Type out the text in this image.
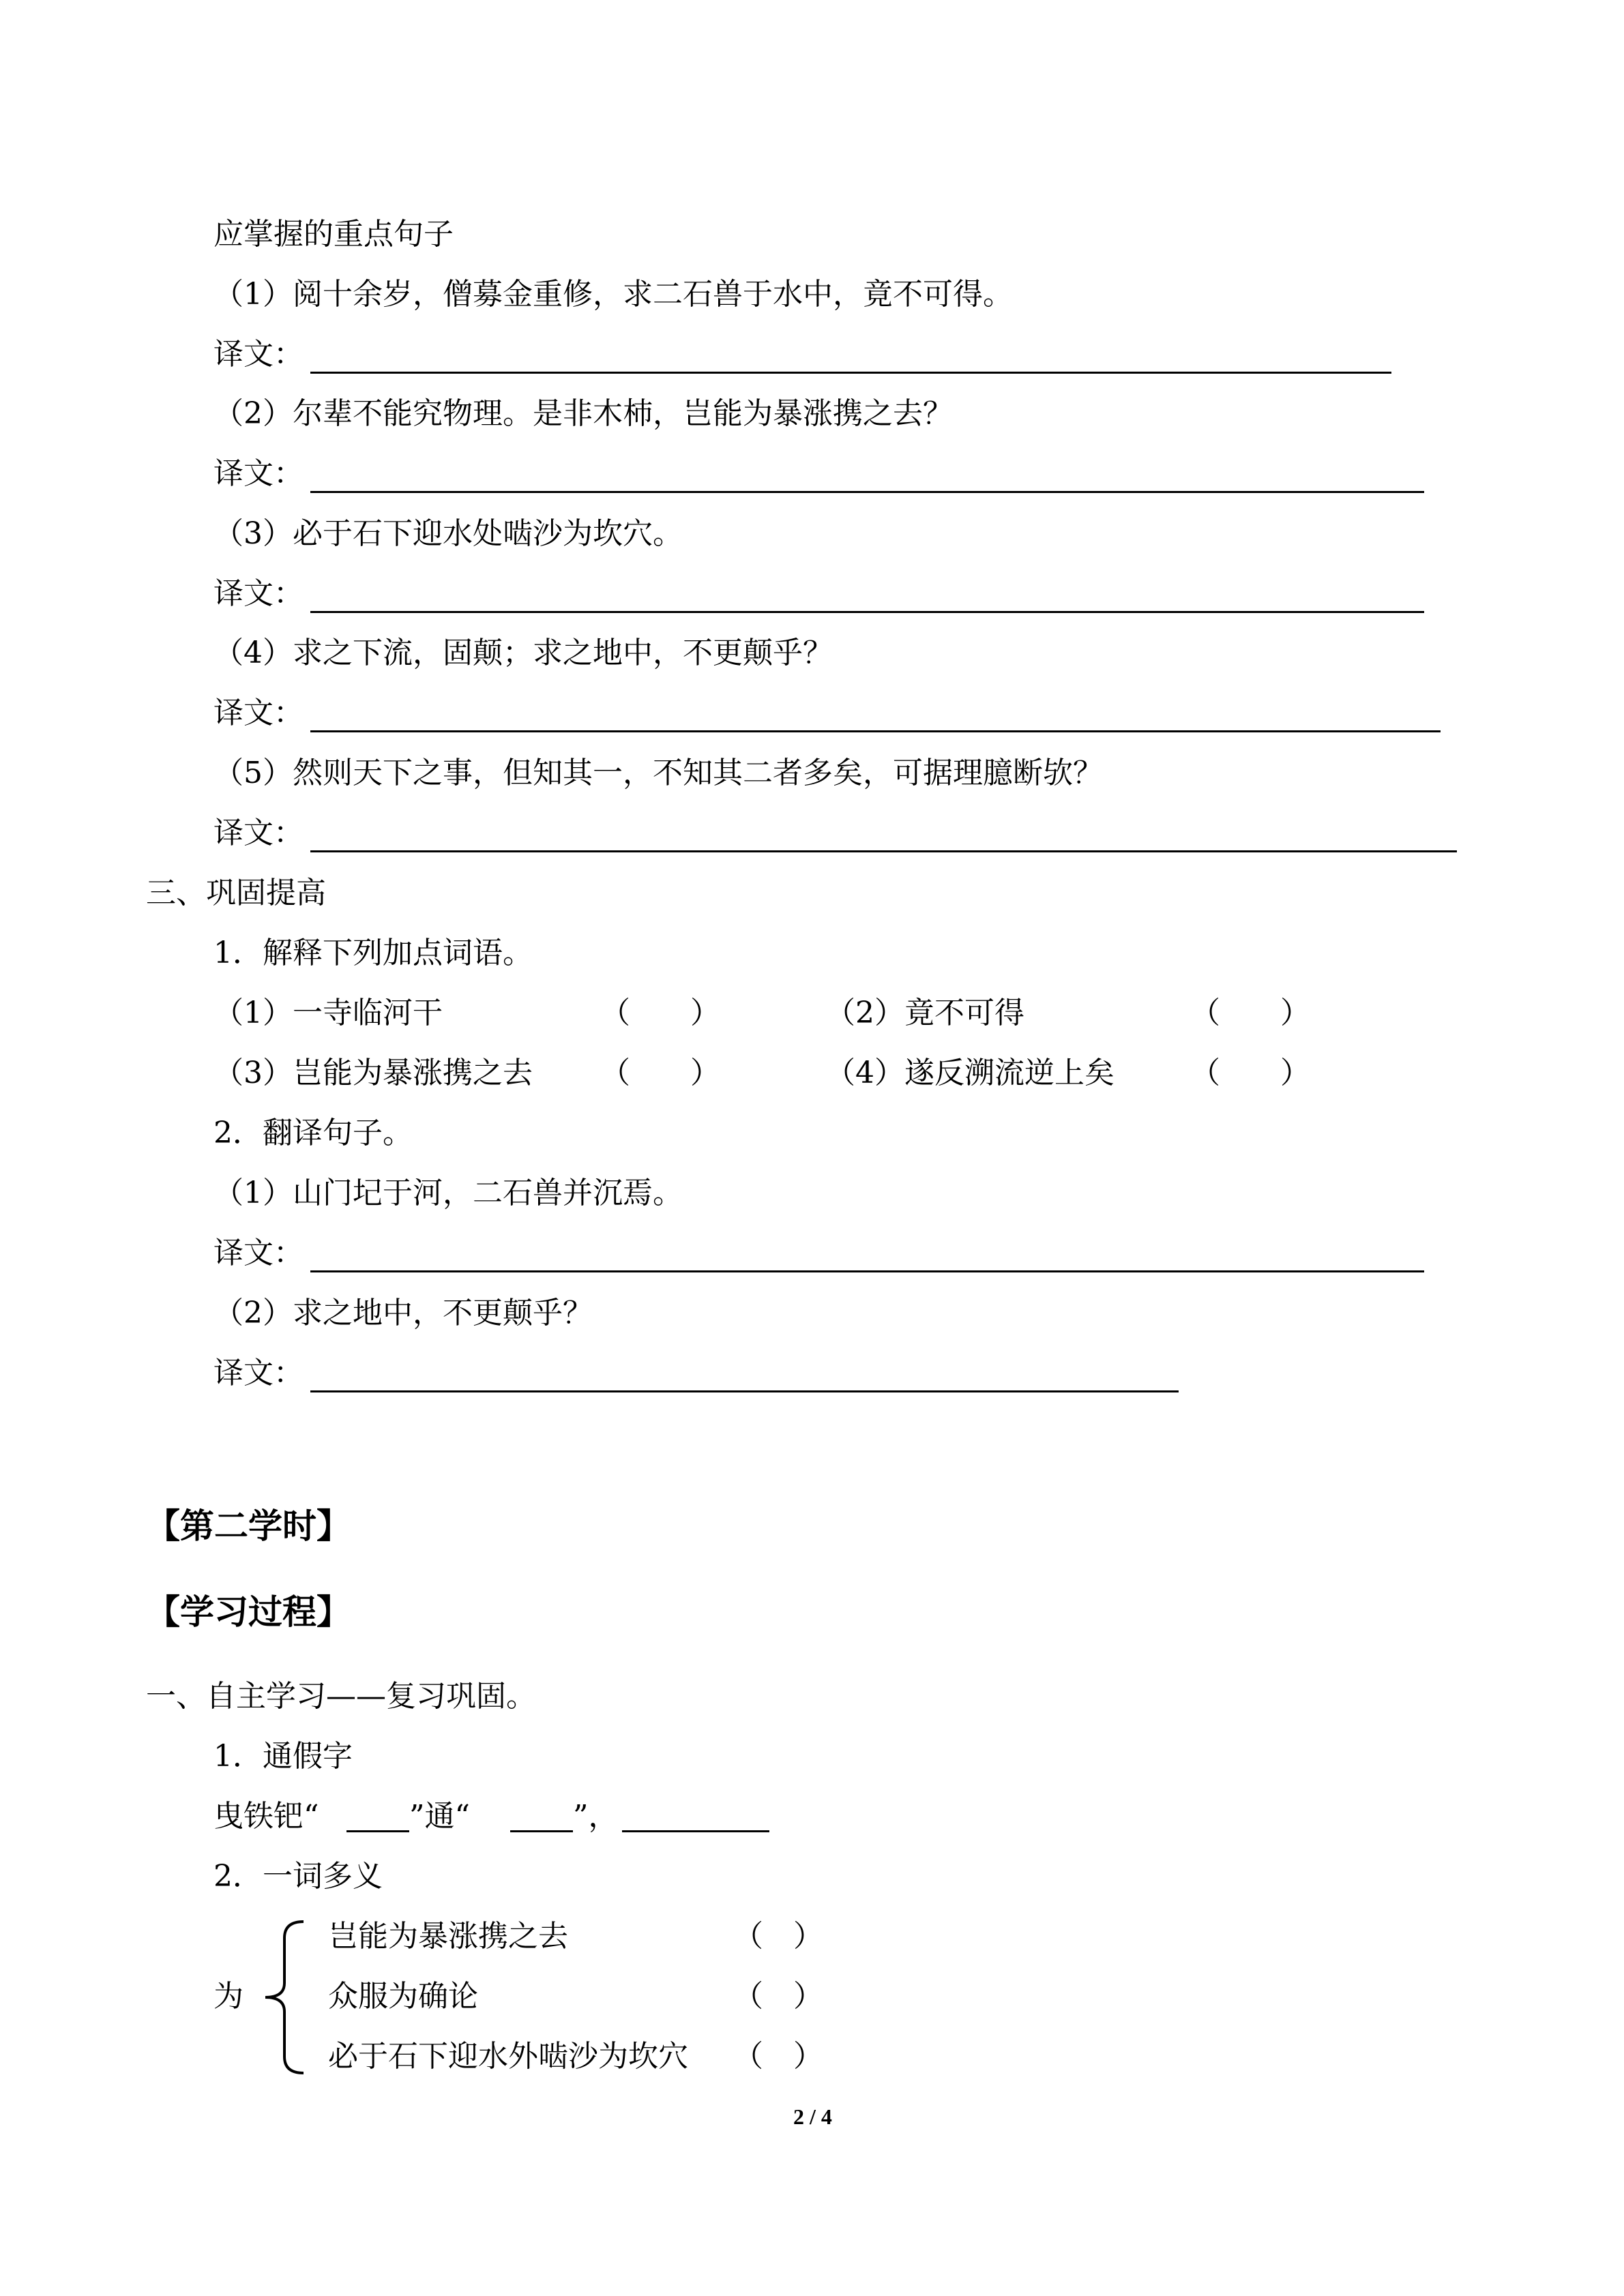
应掌握的重点句子
（1）阅十余岁，僧募金重修，求二石兽于水中，竟不可得。
译文：
（2）尔辈不能究物理。是非木杮，岂能为暴涨携之去？
译文：
（3）必于石下迎水处啮沙为坎穴。
译文：
（4）求之下流，固颠；求之地中，不更颠乎？
译文：
（5）然则天下之事，但知其一，不知其二者多矣，可据理臆断欤？
译文：
三、巩固提高
1．解释下列加点词语。
（1）一寺临河干	（　　）	（2）竟不可得	（　　）
（3）岂能为暴涨携之去 （　　）	（4）遂反溯流逆上矣	（　　）
2．翻译句子。
（1）山门圮于河，二石兽并沉焉。
译文：
（2）求之地中，不更颠乎？
译文：
【第二学时】
【学习过程】
一、自主学习——复习巩固。
1．通假字
曳铁钯“	”通“	”，
2．一词多义
为
岂能为暴涨携之去	（　）
众服为确论	（　）
必于石下迎水外啮沙为坎穴 （　）
2 / 4
